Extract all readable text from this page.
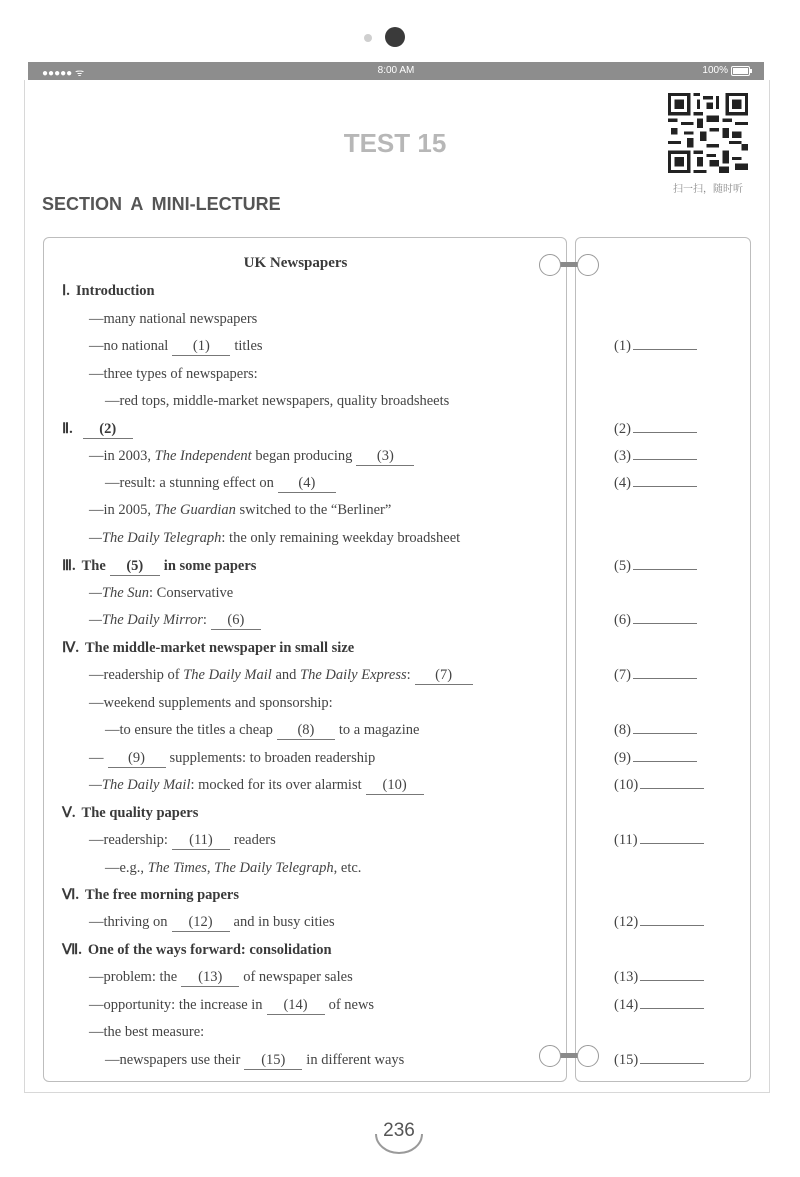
●●●●● ᯤ	8:00 AM	100%
TEST 15
扫一扫，随时听
SECTION A MINI-LECTURE
UK Newspapers
Ⅰ. Introduction
—many national newspapers
—no national (1) titles
—three types of newspapers:
—red tops, middle-market newspapers, quality broadsheets
Ⅱ. (2)
—in 2003, The Independent began producing (3)
—result: a stunning effect on (4)
—in 2005, The Guardian switched to the “Berliner”
—The Daily Telegraph: the only remaining weekday broadsheet
Ⅲ. The (5) in some papers
—The Sun: Conservative
—The Daily Mirror: (6)
Ⅳ. The middle-market newspaper in small size
—readership of The Daily Mail and The Daily Express: (7)
—weekend supplements and sponsorship:
—to ensure the titles a cheap (8) to a magazine
— (9) supplements: to broaden readership
—The Daily Mail: mocked for its over alarmist (10)
Ⅴ. The quality papers
—readership: (11) readers
—e.g., The Times, The Daily Telegraph, etc.
Ⅵ. The free morning papers
—thriving on (12) and in busy cities
Ⅶ. One of the ways forward: consolidation
—problem: the (13) of newspaper sales
—opportunity: the increase in (14) of news
—the best measure:
—newspapers use their (15) in different ways
(1)
(2)
(3)
(4)
(5)
(6)
(7)
(8)
(9)
(10)
(11)
(12)
(13)
(14)
(15)
236
